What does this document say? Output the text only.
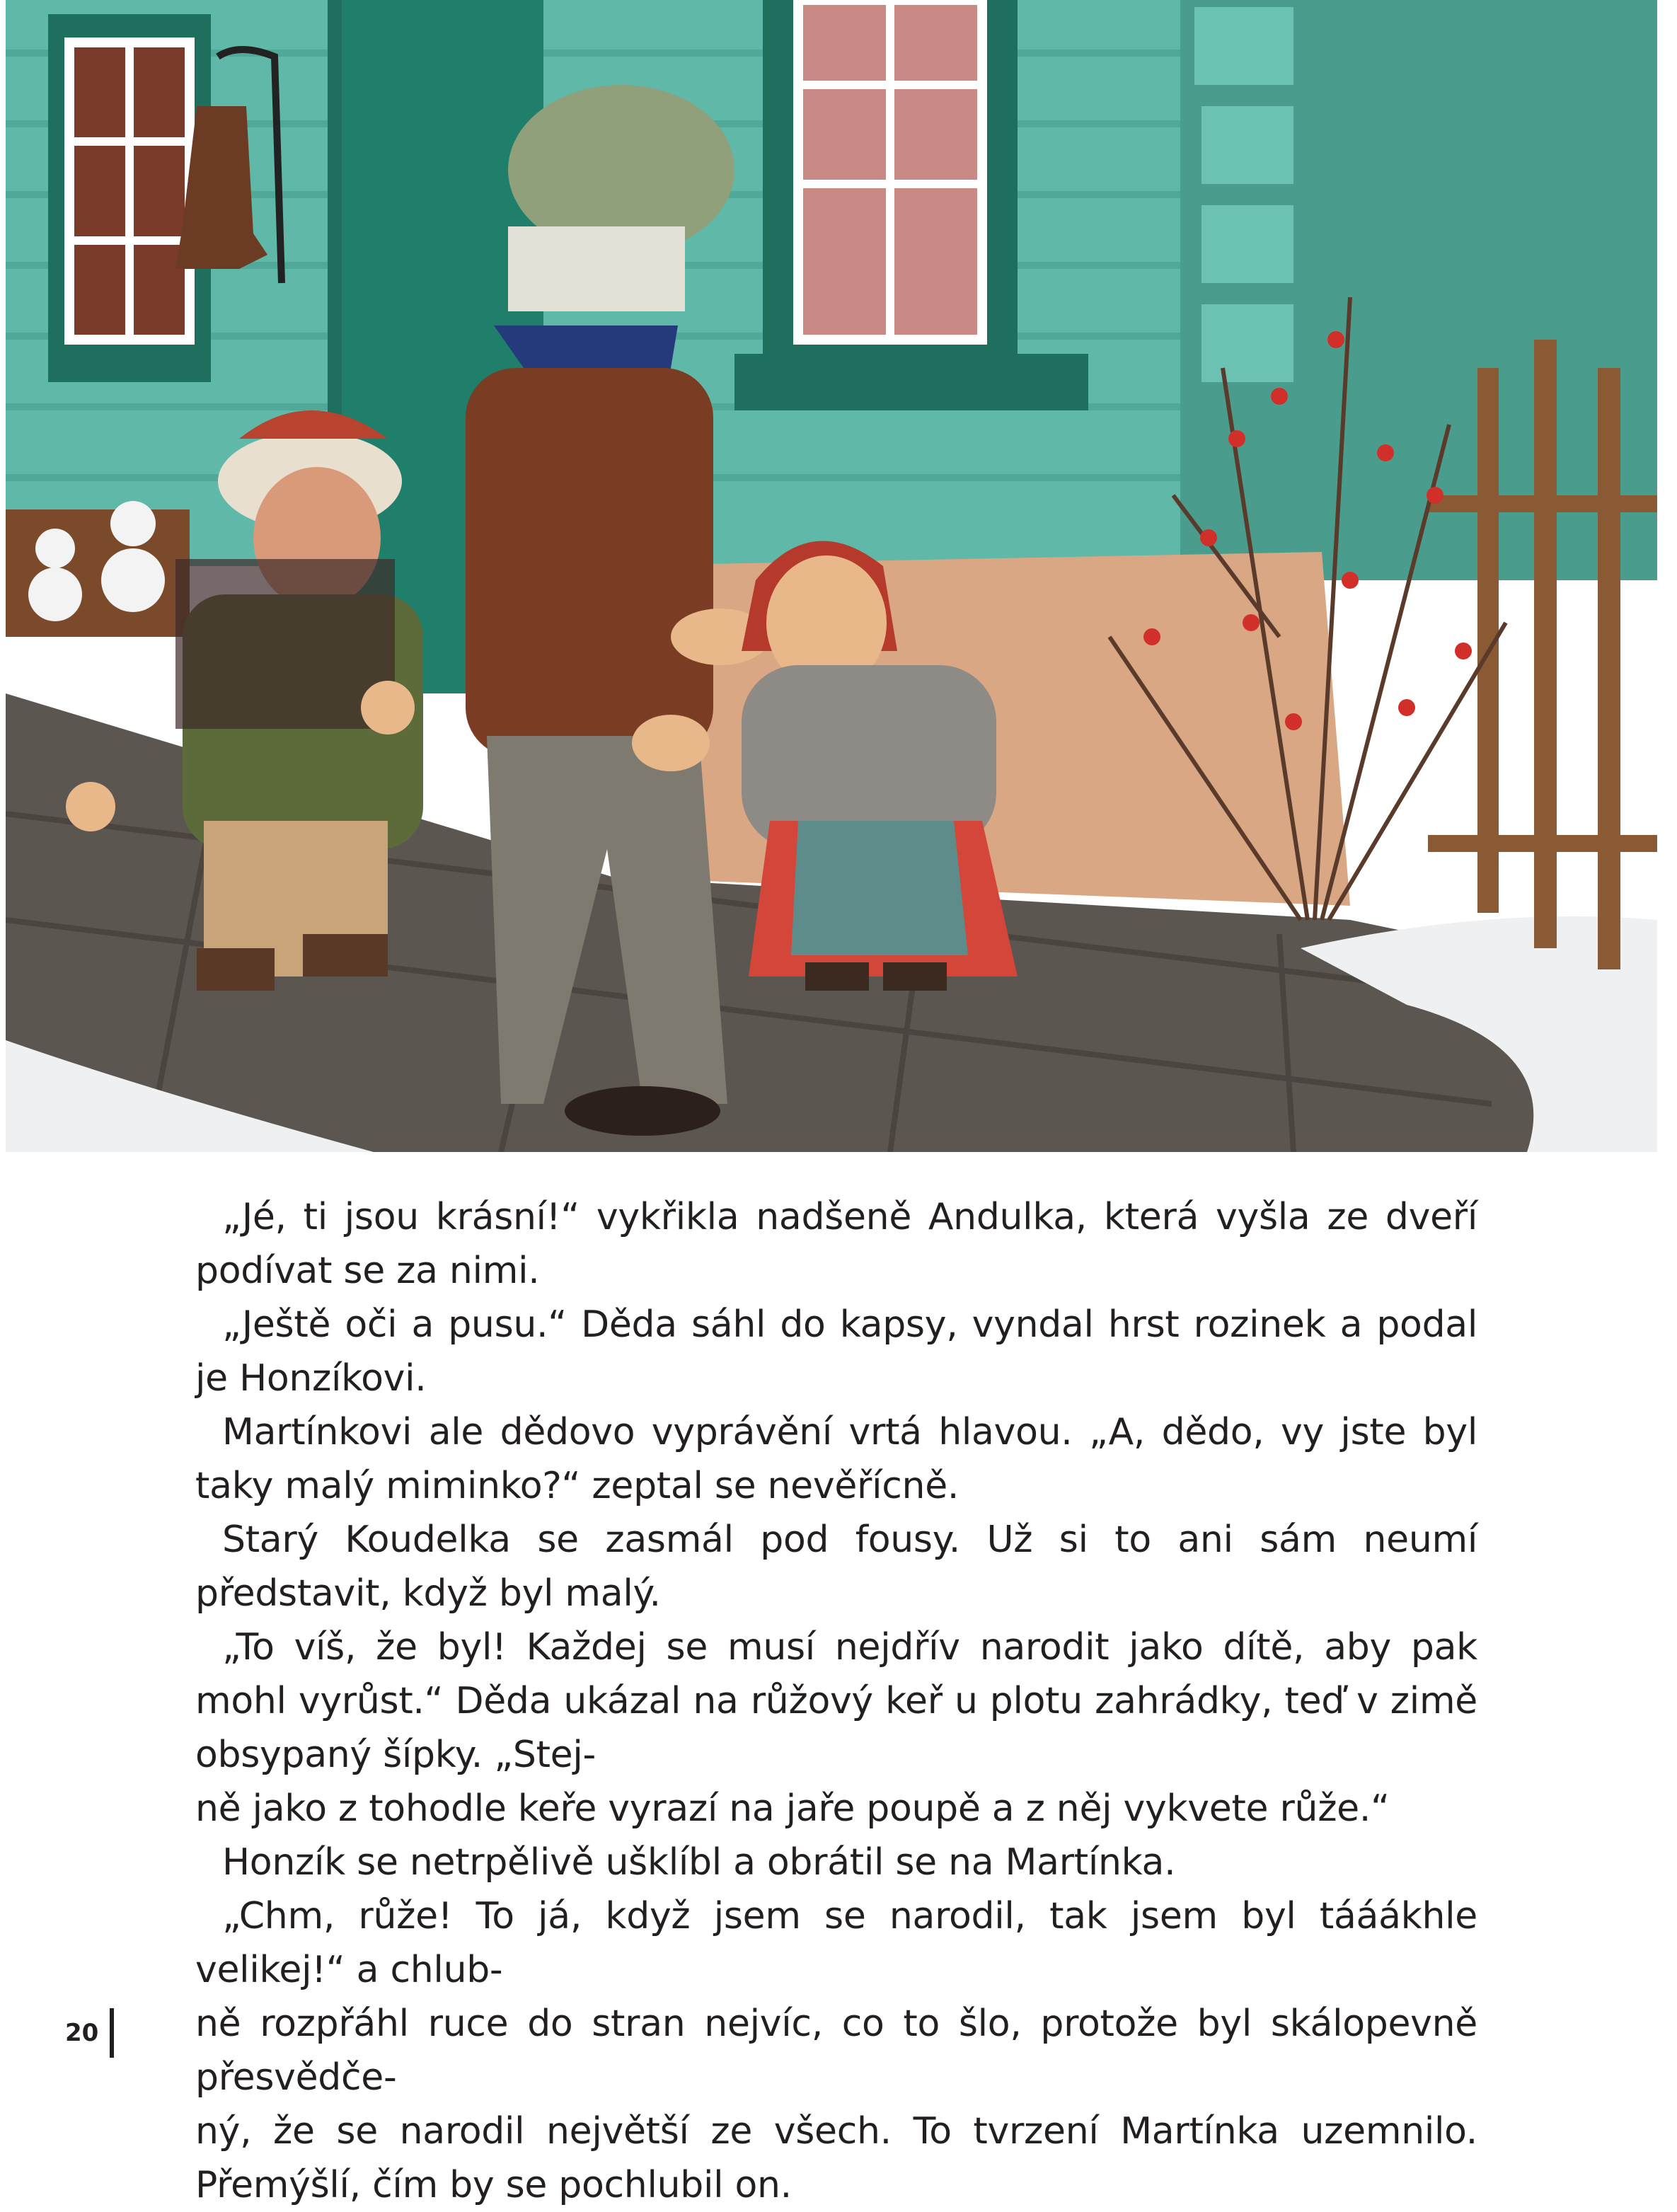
„Jé, ti jsou krásní!“ vykřikla nadšeně Andulka, která vyšla ze dveří podívat se za nimi.

„Ještě oči a pusu.“ Děda sáhl do kapsy, vyndal hrst rozinek a podal je Honzíkovi.

Martínkovi ale dědovo vyprávění vrtá hlavou. „A, dědo, vy jste byl taky malý miminko?“ zeptal se nevěřícně.

Starý Koudelka se zasmál pod fousy. Už si to ani sám neumí představit, když byl malý.

„To víš, že byl! Každej se musí nejdřív narodit jako dítě, aby pak mohl vyrůst.“ Děda ukázal na růžový keř u plotu zahrádky, teď v zimě obsypaný šípky. „Stej-
ně jako z tohodle keře vyrazí na jaře poupě a z něj vykvete růže.“

Honzík se netrpělivě ušklíbl a obrátil se na Martínka.

„Chm, růže! To já, když jsem se narodil, tak jsem byl tááákhle velikej!“ a chlub-
ně rozpřáhl ruce do stran nejvíc, co to šlo, protože byl skálopevně přesvědče-
ný, že se narodil největší ze všech. To tvrzení Martínka uzemnilo. Přemýšlí, čím by se pochlubil on.

20
